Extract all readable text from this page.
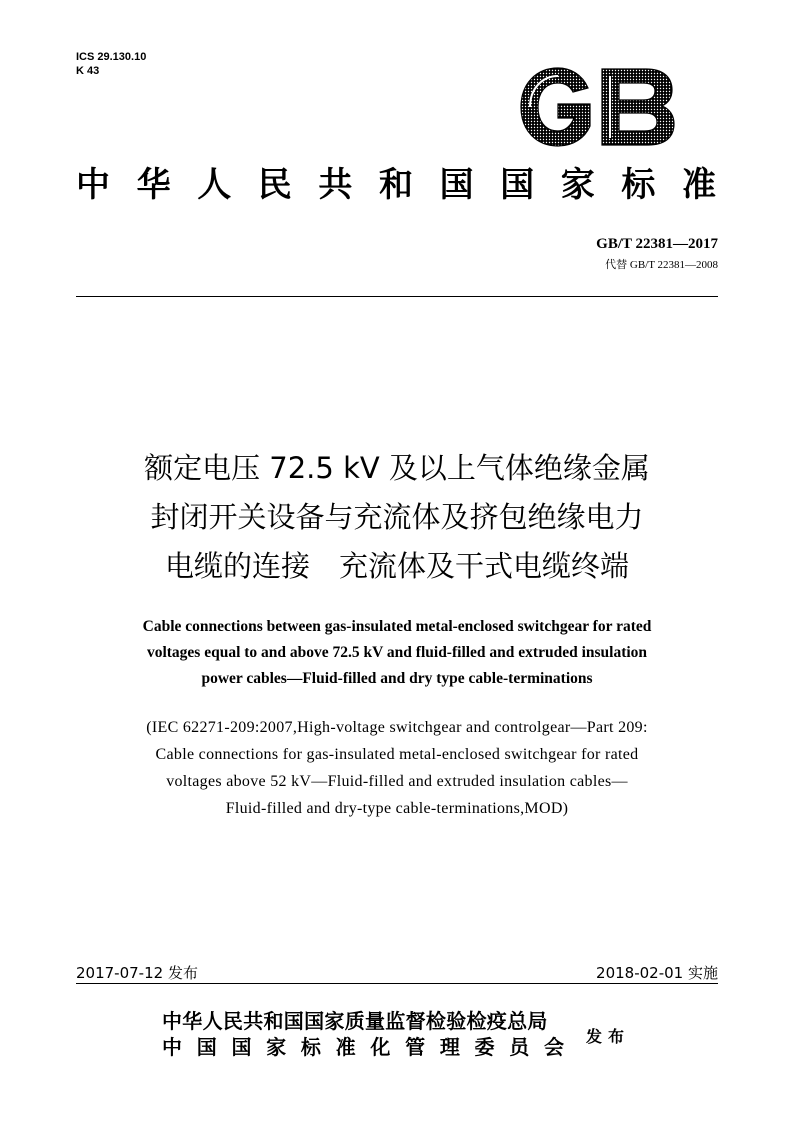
ICS 29.130.10
K 43	GB
中华人民共和国国家标准
GB/T 22381—2017
代替 GB/T 22381—2008
额定电压 72.5 kV 及以上气体绝缘金属
封闭开关设备与充流体及挤包绝缘电力
电缆的连接　充流体及干式电缆终端
Cable connections between gas-insulated metal-enclosed switchgear for rated
voltages equal to and above 72.5 kV and fluid-filled and extruded insulation
power cables—Fluid-filled and dry type cable-terminations
(IEC 62271-209:2007,High-voltage switchgear and controlgear—Part 209:
Cable connections for gas-insulated metal-enclosed switchgear for rated
voltages above 52 kV—Fluid-filled and extruded insulation cables—
Fluid-filled and dry-type cable-terminations,MOD)
2017-07-12 发布	2018-02-01 实施
中华人民共和国国家质量监督检验检疫总局
中国国家标准化管理委员会 发布
